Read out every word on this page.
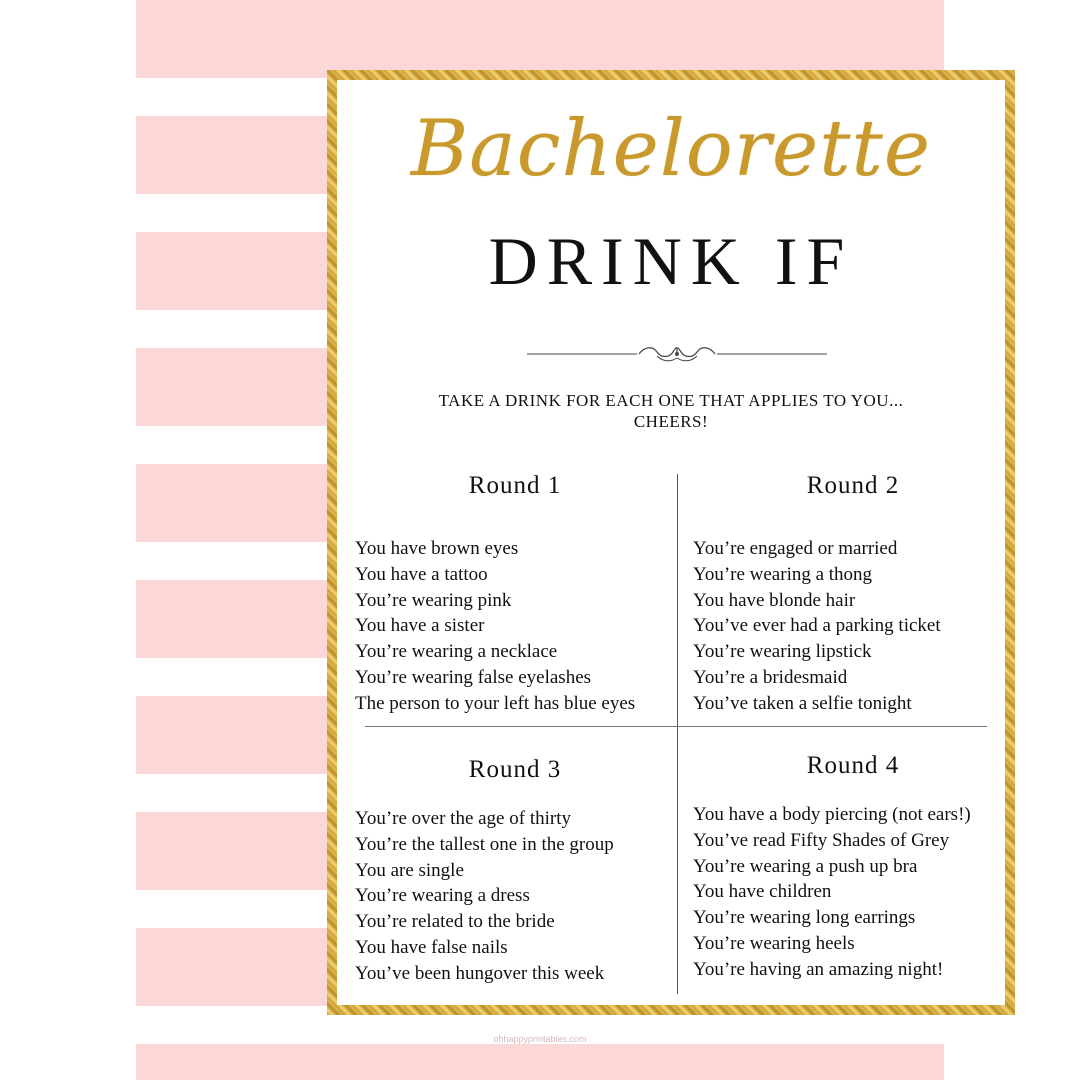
Bachelorette
DRINK IF
TAKE A DRINK FOR EACH ONE THAT APPLIES TO YOU...
CHEERS!
Round 1
You have brown eyes
You have a tattoo
You’re wearing pink
You have a sister
You’re wearing a necklace
You’re wearing false eyelashes
The person to your left has blue eyes
Round 2
You’re engaged or married
You’re wearing a thong
You have blonde hair
You’ve ever had a parking ticket
You’re wearing lipstick
You’re a bridesmaid
You’ve taken a selfie tonight
Round 3
You’re over the age of thirty
You’re the tallest one in the group
You are single
You’re wearing a dress
You’re related to the bride
You have false nails
You’ve been hungover this week
Round 4
You have a body piercing (not ears!)
You’ve read Fifty Shades of Grey
You’re wearing a push up bra
You have children
You’re wearing long earrings
You’re wearing heels
You’re having an amazing night!
ohhappyprintables.com
